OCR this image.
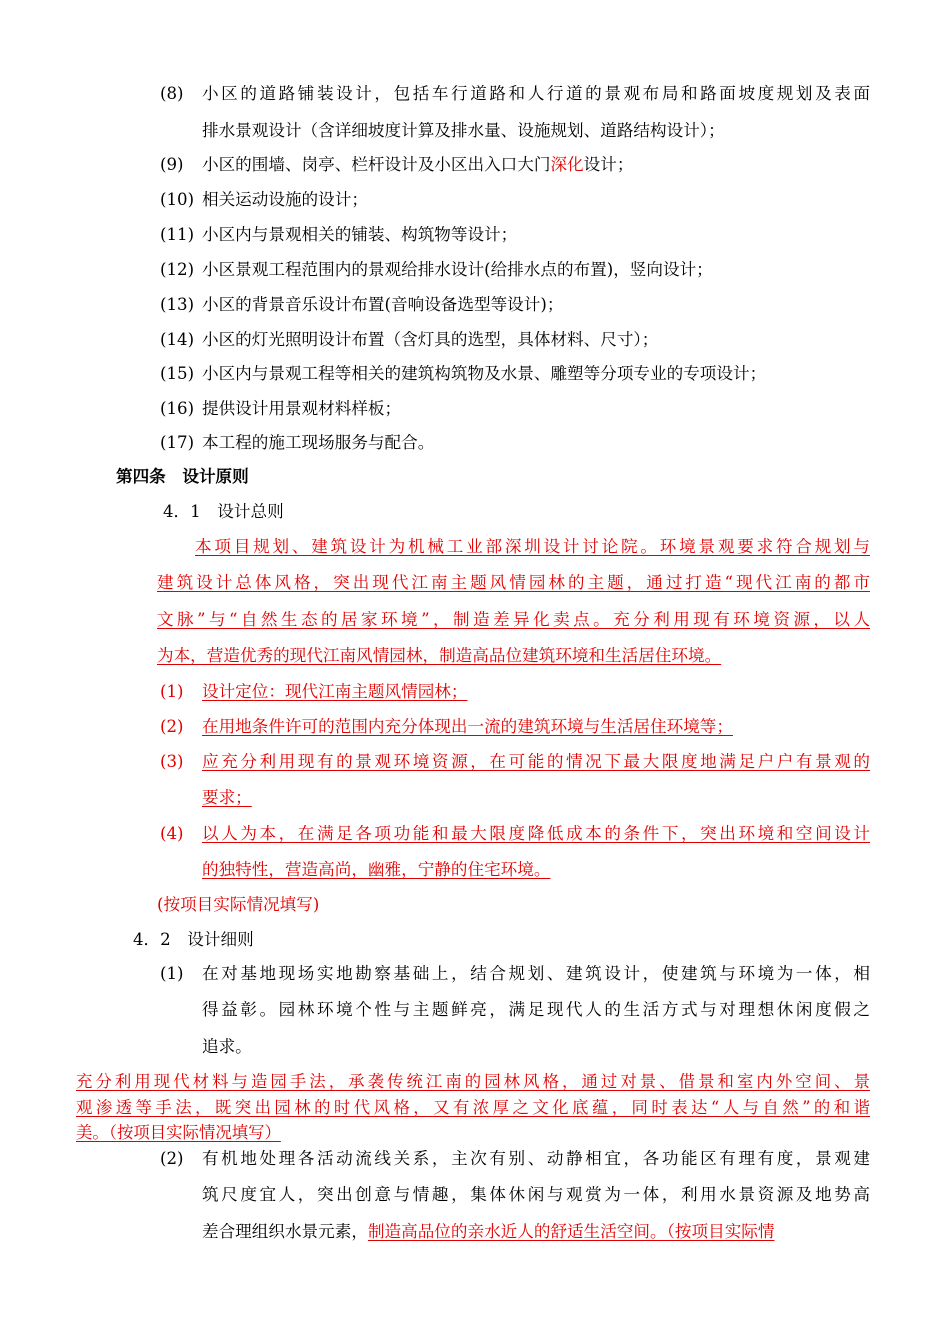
(8) 小区的道路铺装设计，包括车行道路和人行道的景观布局和路面坡度规划及表面
排水景观设计（含详细坡度计算及排水量、设施规划、道路结构设计）；
(9) 小区的围墙、岗亭、栏杆设计及小区出入口大门深化设计；
(10) 相关运动设施的设计；
(11) 小区内与景观相关的铺装、构筑物等设计；
(12) 小区景观工程范围内的景观给排水设计(给排水点的布置)，竖向设计；
(13) 小区的背景音乐设计布置(音响设备选型等设计)；
(14) 小区的灯光照明设计布置（含灯具的选型，具体材料、尺寸）；
(15) 小区内与景观工程等相关的建筑构筑物及水景、雕塑等分项专业的专项设计；
(16) 提供设计用景观材料样板；
(17) 本工程的施工现场服务与配合。
第四条　设计原则
4．1　设计总则
本项目规划、建筑设计为机械工业部深圳设计讨论院。环境景观要求符合规划与
建筑设计总体风格，突出现代江南主题风情园林的主题，通过打造“现代江南的都市
文脉”与“自然生态的居家环境”，制造差异化卖点。充分利用现有环境资源，以人
为本，营造优秀的现代江南风情园林，制造高品位建筑环境和生活居住环境。
(1) 设计定位：现代江南主题风情园林；
(2) 在用地条件许可的范围内充分体现出一流的建筑环境与生活居住环境等；
(3) 应充分利用现有的景观环境资源，在可能的情况下最大限度地满足户户有景观的
要求；
(4) 以人为本，在满足各项功能和最大限度降低成本的条件下，突出环境和空间设计
的独特性，营造高尚，幽雅，宁静的住宅环境。
(按项目实际情况填写)
4．2　设计细则
(1) 在对基地现场实地勘察基础上，结合规划、建筑设计，使建筑与环境为一体，相
得益彰。园林环境个性与主题鲜亮，满足现代人的生活方式与对理想休闲度假之
追求。
充分利用现代材料与造园手法，承袭传统江南的园林风格，通过对景、借景和室内外空间、景
观渗透等手法，既突出园林的时代风格，又有浓厚之文化底蕴，同时表达“人与自然”的和谐
美。（按项目实际情况填写）
(2) 有机地处理各活动流线关系，主次有别、动静相宜，各功能区有理有度，景观建
筑尺度宜人，突出创意与情趣，集体休闲与观赏为一体，利用水景资源及地势高
差合理组织水景元素，制造高品位的亲水近人的舒适生活空间。（按项目实际情
